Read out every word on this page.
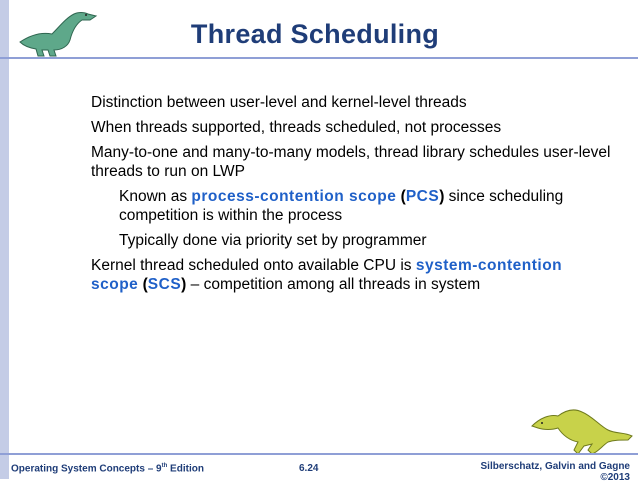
Thread Scheduling
Distinction between user-level and kernel-level threads
When threads supported, threads scheduled, not processes
Many-to-one and many-to-many models, thread library schedules user-level threads to run on LWP
Known as process-contention scope (PCS) since scheduling competition is within the process
Typically done via priority set by programmer
Kernel thread scheduled onto available CPU is system-contention scope (SCS) – competition among all threads in system
Operating System Concepts – 9th Edition	6.24	Silberschatz, Galvin and Gagne
©2013
